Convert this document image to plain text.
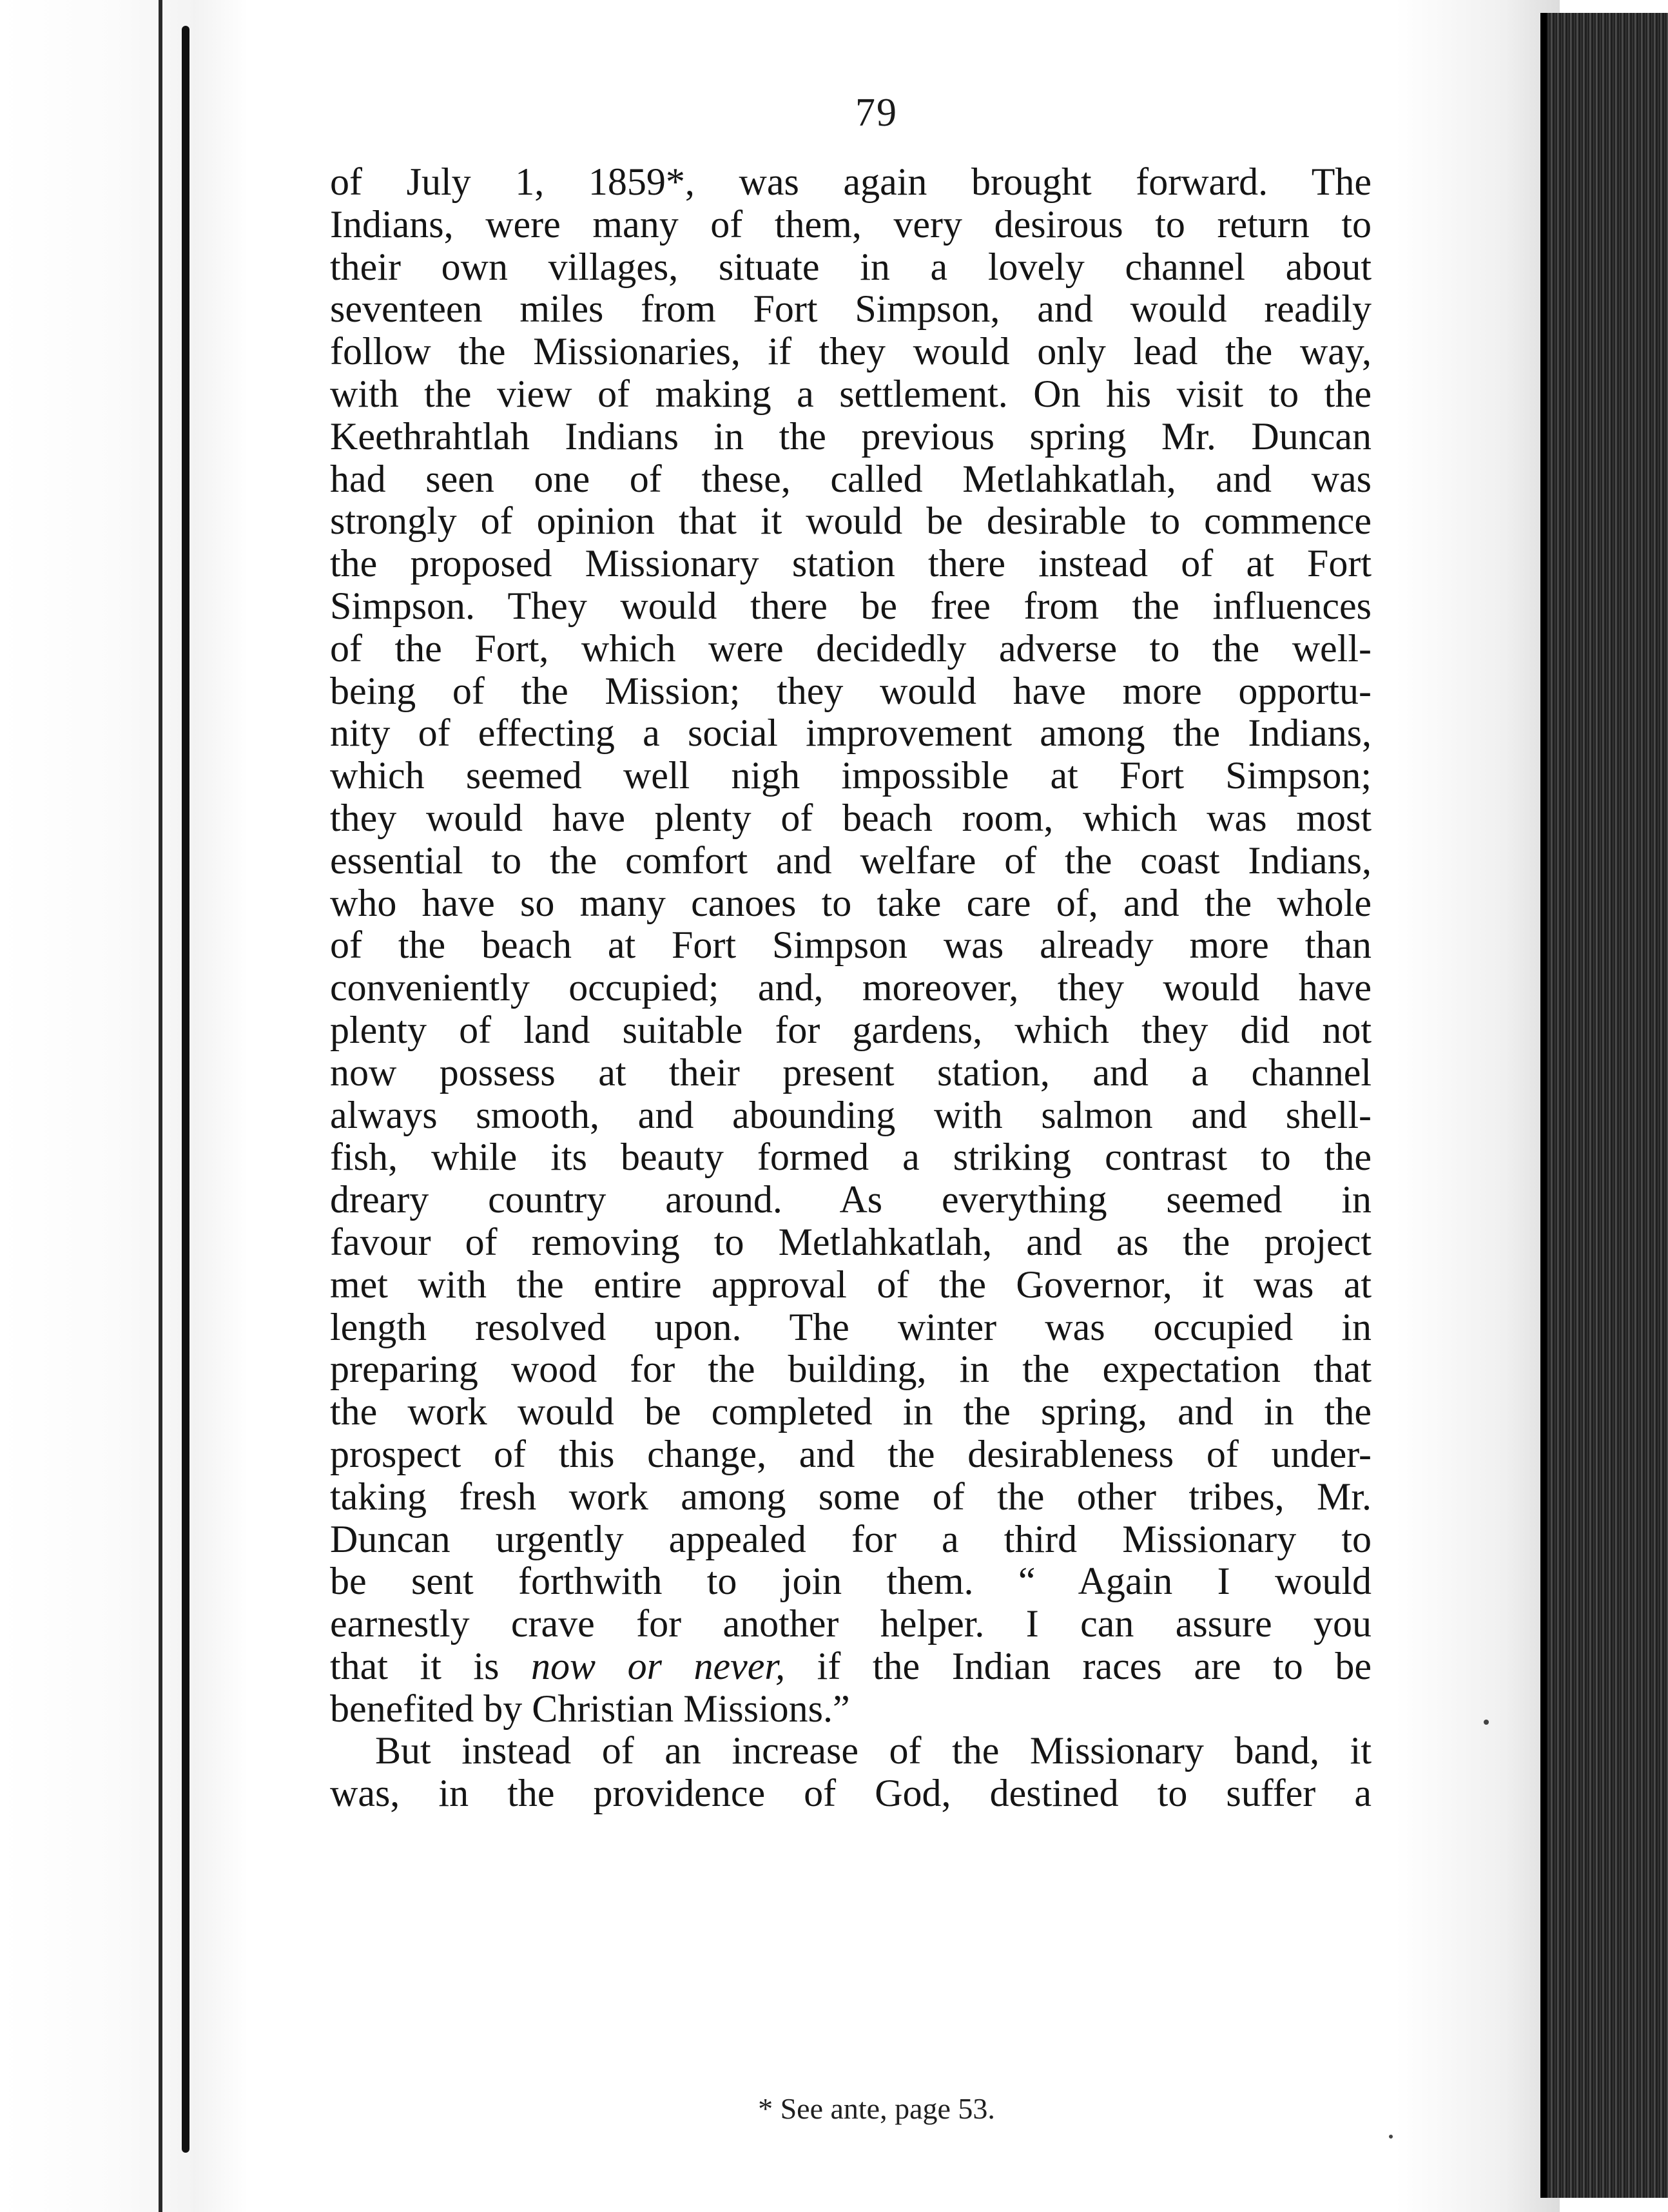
79
of July 1, 1859*, was again brought forward. The
Indians, were many of them, very desirous to return to
their own villages, situate in a lovely channel about
seventeen miles from Fort Simpson, and would readily
follow the Missionaries, if they would only lead the way,
with the view of making a settlement. On his visit to the
Keethrahtlah Indians in the previous spring Mr. Duncan
had seen one of these, called Metlahkatlah, and was
strongly of opinion that it would be desirable to commence
the proposed Missionary station there instead of at Fort
Simpson. They would there be free from the influences
of the Fort, which were decidedly adverse to the well-
being of the Mission; they would have more opportu-
nity of effecting a social improvement among the Indians,
which seemed well nigh impossible at Fort Simpson;
they would have plenty of beach room, which was most
essential to the comfort and welfare of the coast Indians,
who have so many canoes to take care of, and the whole
of the beach at Fort Simpson was already more than
conveniently occupied; and, moreover, they would have
plenty of land suitable for gardens, which they did not
now possess at their present station, and a channel
always smooth, and abounding with salmon and shell-
fish, while its beauty formed a striking contrast to the
dreary country around. As everything seemed in
favour of removing to Metlahkatlah, and as the project
met with the entire approval of the Governor, it was at
length resolved upon. The winter was occupied in
preparing wood for the building, in the expectation that
the work would be completed in the spring, and in the
prospect of this change, and the desirableness of under-
taking fresh work among some of the other tribes, Mr.
Duncan urgently appealed for a third Missionary to
be sent forthwith to join them. “ Again I would
earnestly crave for another helper. I can assure you
that it is now or never, if the Indian races are to be
benefited by Christian Missions.”
But instead of an increase of the Missionary band, it
was, in the providence of God, destined to suffer a
* See ante, page 53.
